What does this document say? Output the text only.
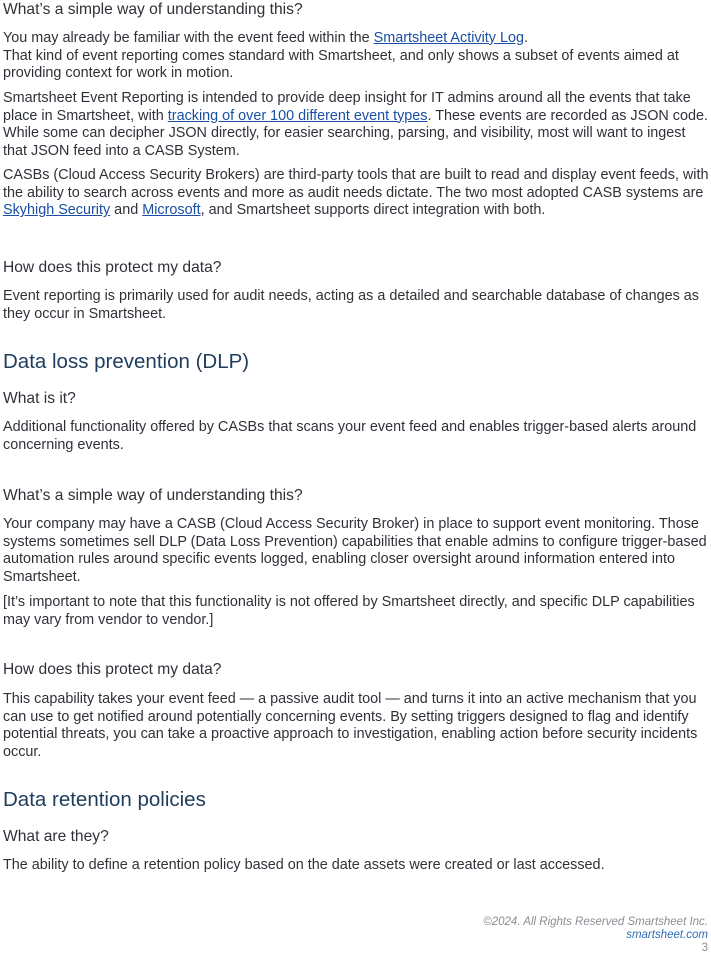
What’s a simple way of understanding this?

You may already be familiar with the event feed within the Smartsheet Activity Log.

That kind of event reporting comes standard with Smartsheet, and only shows a subset of events aimed at providing context for work in motion.

Smartsheet Event Reporting is intended to provide deep insight for IT admins around all the events that take place in Smartsheet, with tracking of over 100 different event types. These events are recorded as JSON code. While some can decipher JSON directly, for easier searching, parsing, and visibility, most will want to ingest that JSON feed into a CASB System.

CASBs (Cloud Access Security Brokers) are third-party tools that are built to read and display event feeds, with the ability to search across events and more as audit needs dictate. The two most adopted CASB systems are Skyhigh Security and Microsoft, and Smartsheet supports direct integration with both.

How does this protect my data?

Event reporting is primarily used for audit needs, acting as a detailed and searchable database of changes as they occur in Smartsheet.

Data loss prevention (DLP)
What is it?

Additional functionality offered by CASBs that scans your event feed and enables trigger-based alerts around concerning events.

What’s a simple way of understanding this?

Your company may have a CASB (Cloud Access Security Broker) in place to support event monitoring. Those systems sometimes sell DLP (Data Loss Prevention) capabilities that enable admins to configure trigger-based automation rules around specific events logged, enabling closer oversight around information entered into Smartsheet.

[It’s important to note that this functionality is not offered by Smartsheet directly, and specific DLP capabilities may vary from vendor to vendor.]

How does this protect my data?

This capability takes your event feed — a passive audit tool — and turns it into an active mechanism that you can use to get notified around potentially concerning events. By setting triggers designed to flag and identify potential threats, you can take a proactive approach to investigation, enabling action before security incidents occur.

Data retention policies
What are they?

The ability to define a retention policy based on the date assets were created or last accessed.

©2024. All Rights Reserved Smartsheet Inc.
smartsheet.com
3
